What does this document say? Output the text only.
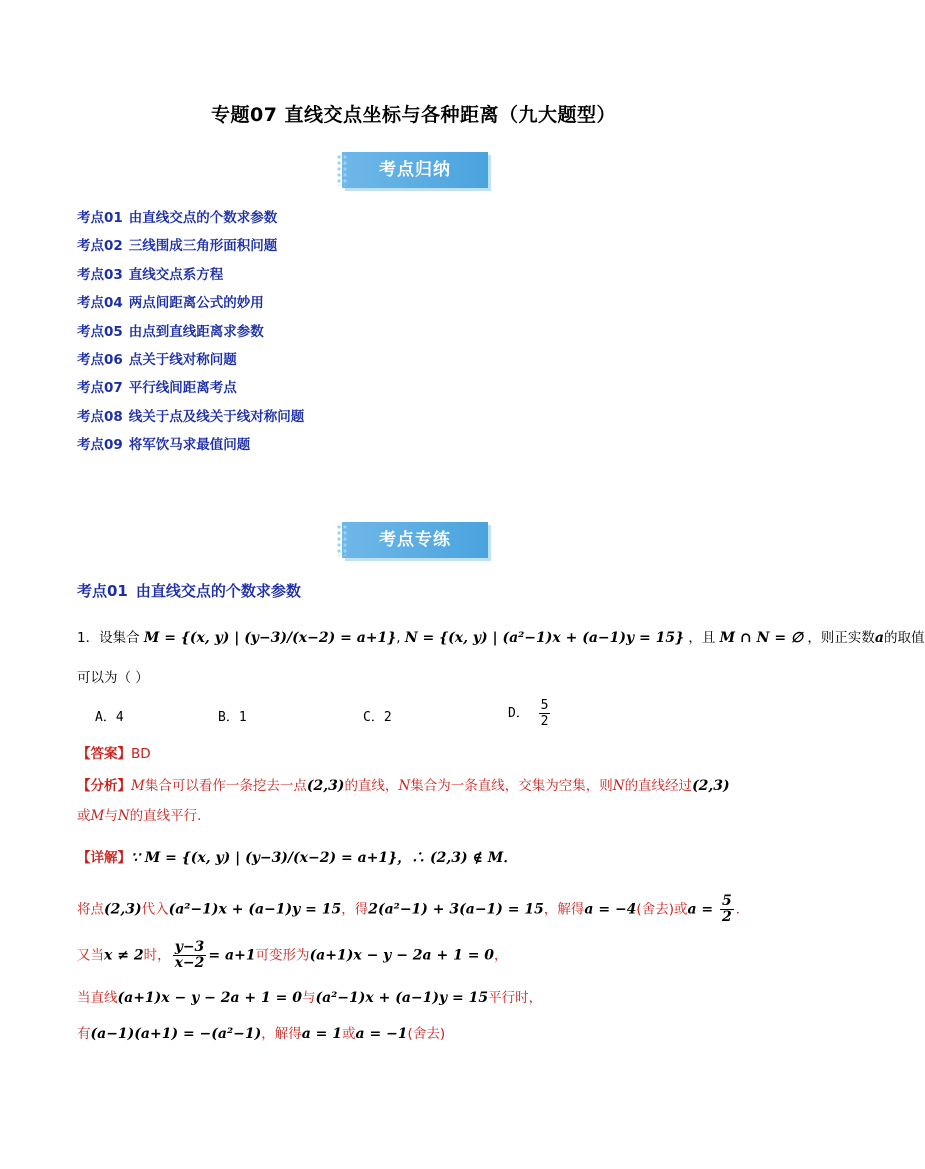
专题07 直线交点坐标与各种距离（九大题型）
考点归纳
考点01 由直线交点的个数求参数
考点02 三线围成三角形面积问题
考点03 直线交点系方程
考点04 两点间距离公式的妙用
考点05 由点到直线距离求参数
考点06 点关于线对称问题
考点07 平行线间距离考点
考点08 线关于点及线关于线对称问题
考点09 将军饮马求最值问题
考点专练
考点01 由直线交点的个数求参数
1．设集合 M = {(x, y) | (y−3)/(x−2) = a+1}, N = {(x, y) | (a²−1)x + (a−1)y = 15} ，且 M ∩ N = ∅ ，则正实数a的取值
可以为（ ）
A．4	B．1	C．2	D． $\frac{5}{2}$
【答案】BD
【分析】M集合可以看作一条挖去一点(2,3)的直线，N集合为一条直线，交集为空集，则N的直线经过(2,3)
或M与N的直线平行．
【详解】∵ M = {(x, y) | (y−3)/(x−2) = a+1}，∴ (2,3) ∉ M．
将点(2,3)代入(a²−1)x + (a−1)y = 15，得2(a²−1) + 3(a−1) = 15，解得a = −4(舍去)或$a = \frac{5}{2}$ ．
又当x ≠ 2时， $\frac{y-3}{x-2} = a+1$可变形为(a+1)x − y − 2a + 1 = 0，
当直线(a+1)x − y − 2a + 1 = 0与(a²−1)x + (a−1)y = 15平行时，
有(a−1)(a+1) = −(a²−1)，解得a = 1或a = −1(舍去)
